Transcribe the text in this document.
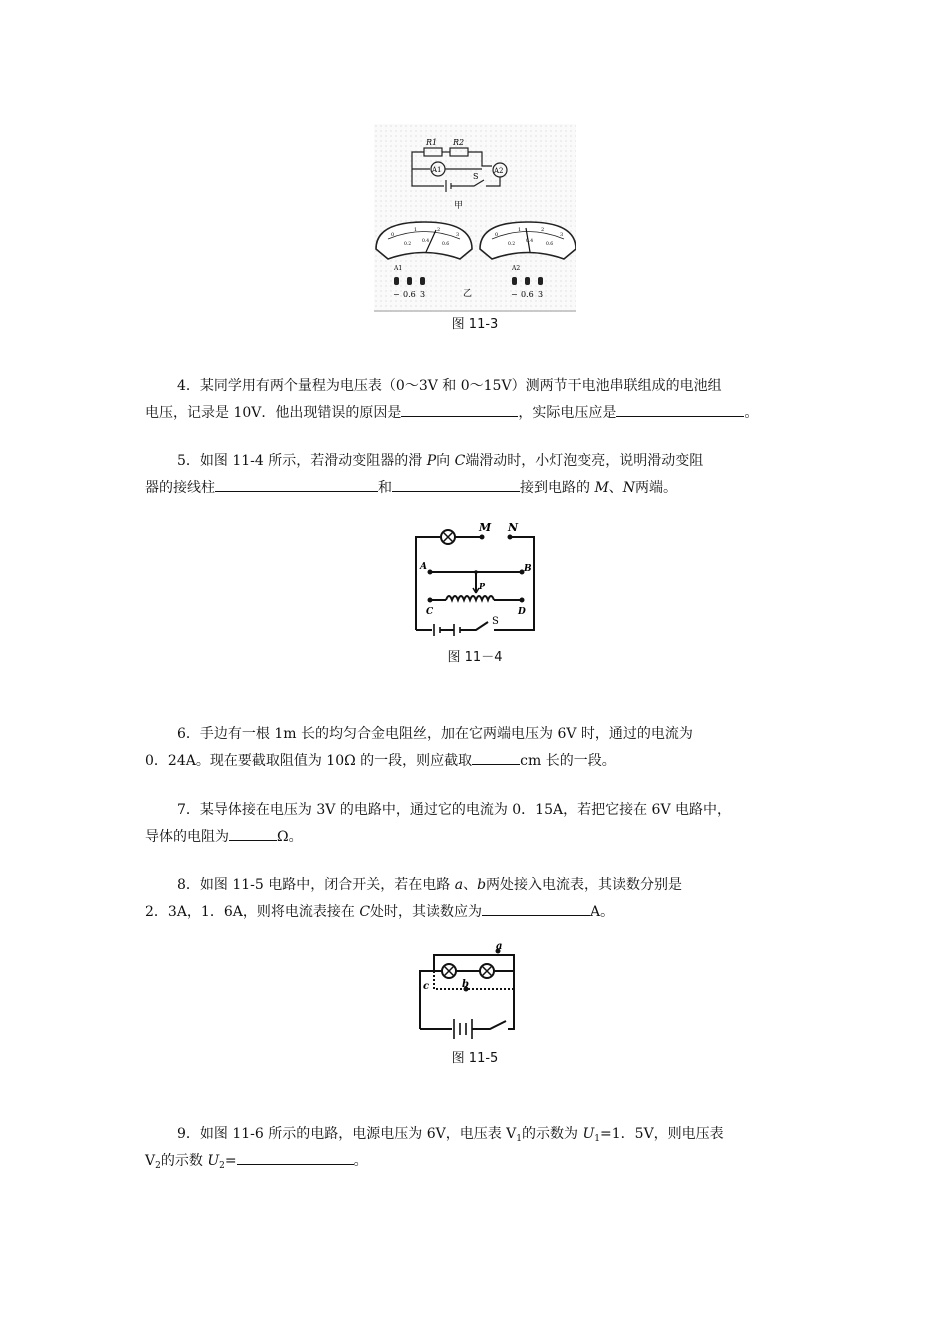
R1 R2
A1	A2
S
甲
0
1	2
3
0.2
0.4
0.6
A1
0
1	2
3
0.2
0.4
0.6
A2
− 0.6 3	乙	− 0.6 3
图 11-3
4．某同学用有两个量程为电压表（0～3V 和 0～15V）测两节干电池串联组成的电池组
电压，记录是 10V．他出现错误的原因是	，实际电压应是	。
5．如图 11-4 所示，若滑动变阻器的滑 P向 C端滑动时，小灯泡变亮，说明滑动变阻
器的接线柱	和	接到电路的 M、N两端。
M N
A	B
C	D
P
S
图 11－4
6．手边有一根 1m 长的均匀合金电阻丝，加在它两端电压为 6V 时，通过的电流为
0．24A。现在要截取阻值为 10Ω 的一段，则应截取	cm 长的一段。
7．某导体接在电压为 3V 的电路中，通过它的电流为 0．15A，若把它接在 6V 电路中，
导体的电阻为	Ω。
8．如图 11-5 电路中，闭合开关，若在电路 a、b两处接入电流表，其读数分别是
2．3A，1．6A，则将电流表接在 C处时，其读数应为	A。
a
b
c
图 11-5
9．如图 11-6 所示的电路，电源电压为 6V，电压表 $V_1$的示数为 $U_1=1$．5V，则电压表
$V_2$的示数 $U_2=$	。
